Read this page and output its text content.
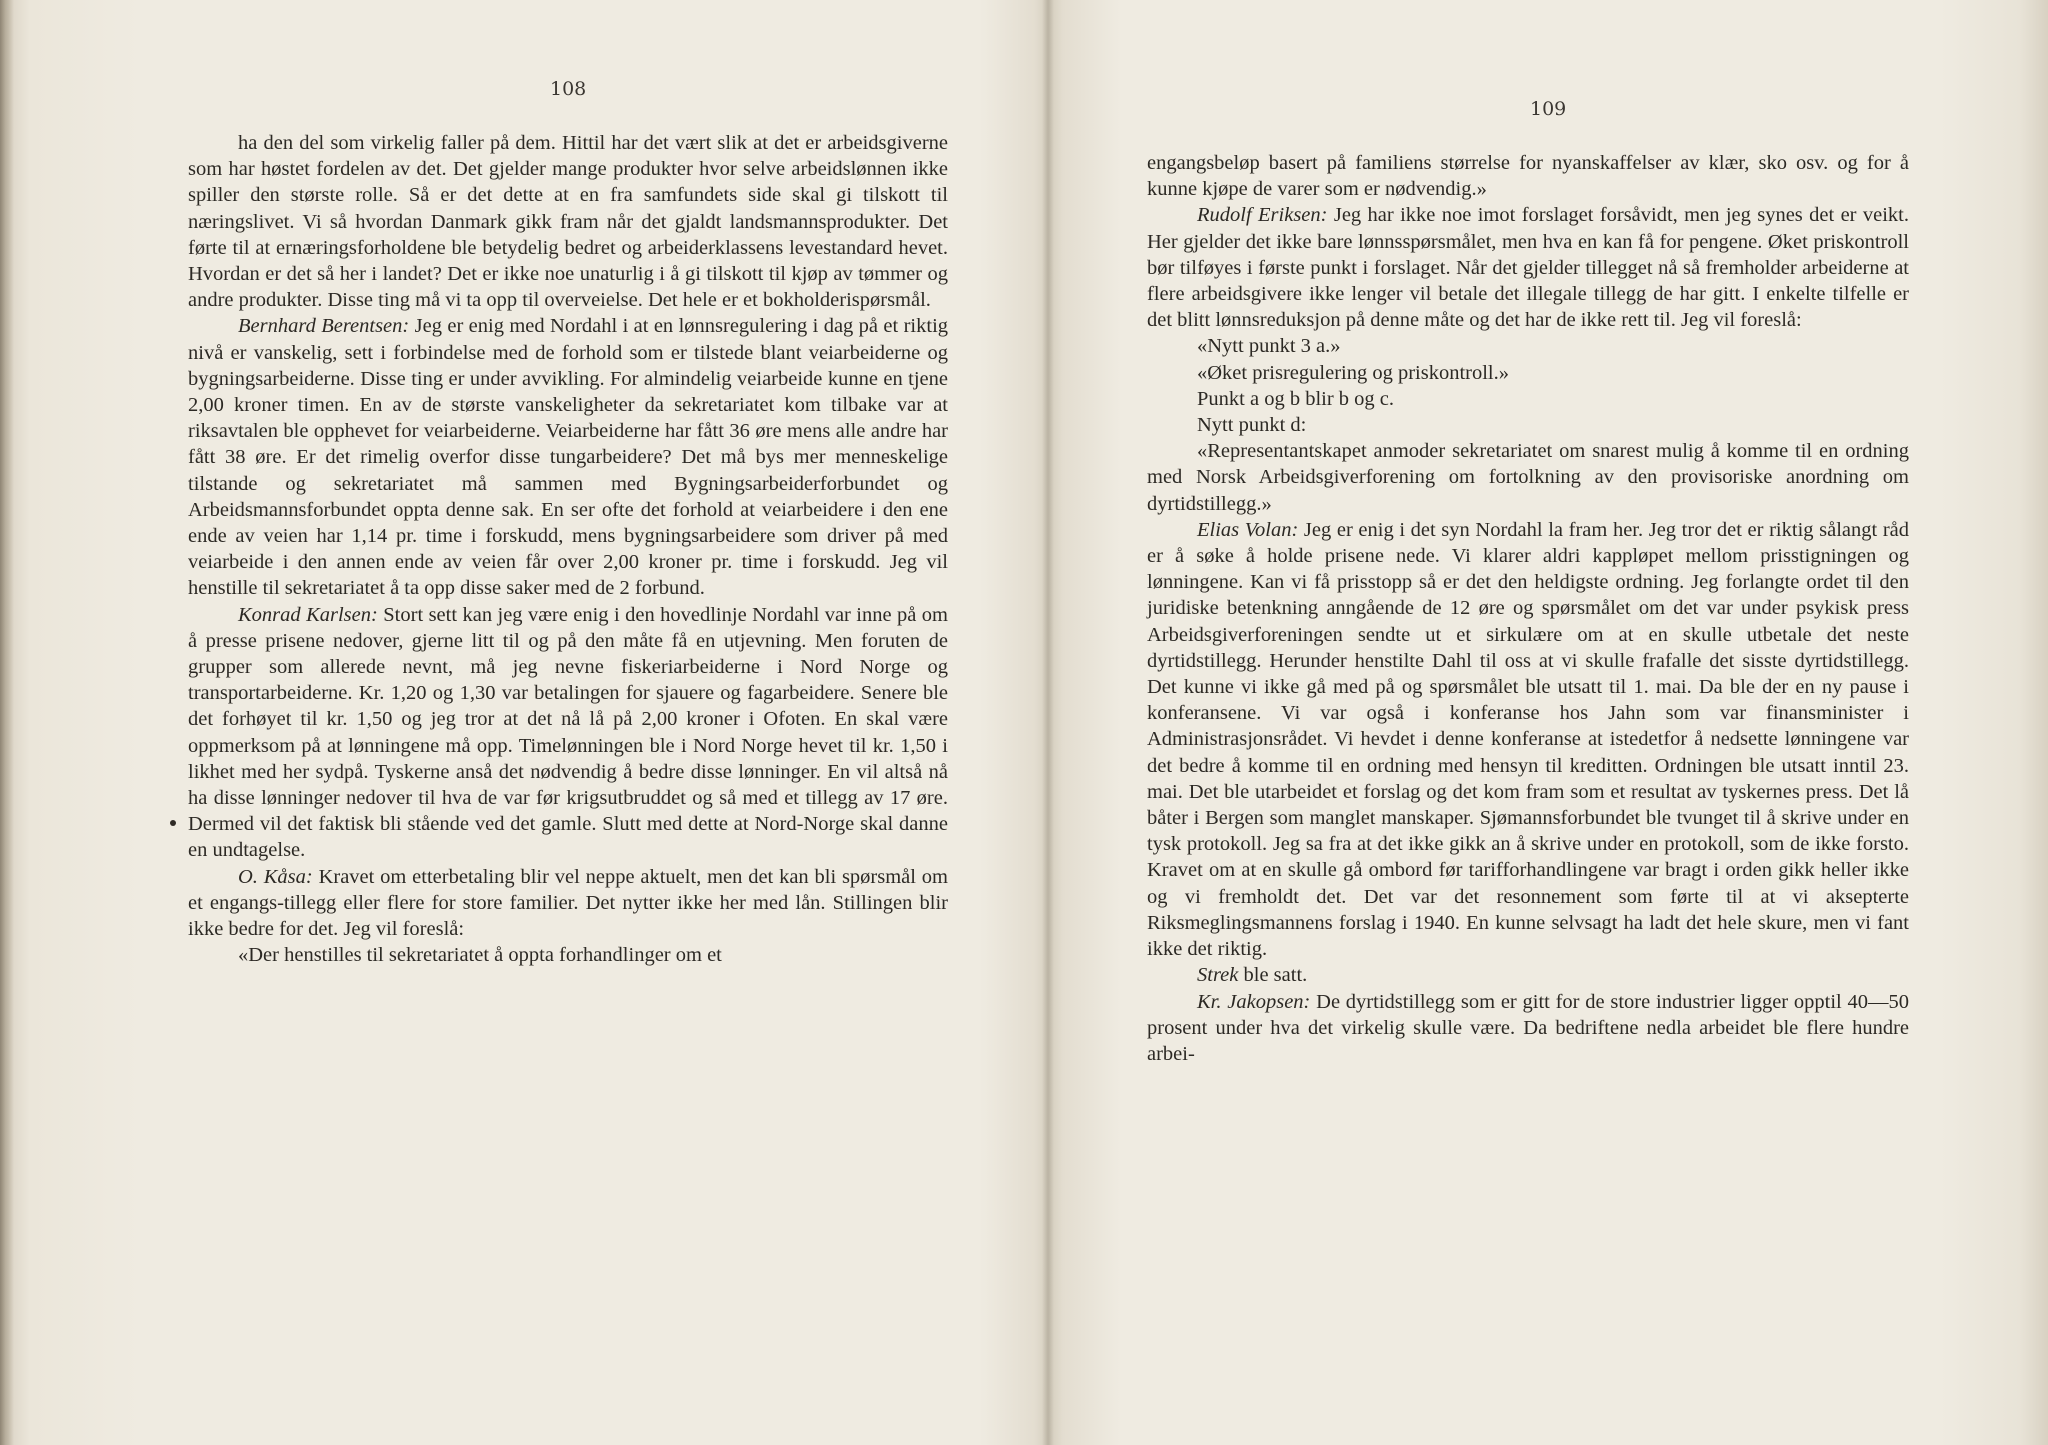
108
109

ha den del som virkelig faller på dem. Hittil har det vært slik at det er arbeidsgiverne som har høstet fordelen av det. Det gjelder mange produkter hvor selve arbeidslønnen ikke spiller den største rolle. Så er det dette at en fra samfundets side skal gi tilskott til næringslivet. Vi så hvordan Danmark gikk fram når det gjaldt landsmannsprodukter. Det førte til at ernæringsforholdene ble betydelig bedret og arbeiderklassens levestandard hevet. Hvordan er det så her i landet? Det er ikke noe unaturlig i å gi tilskott til kjøp av tømmer og andre produkter. Disse ting må vi ta opp til overveielse. Det hele er et bokholderispørsmål.

Bernhard Berentsen: Jeg er enig med Nordahl i at en lønnsregulering i dag på et riktig nivå er vanskelig, sett i forbindelse med de forhold som er tilstede blant veiarbeiderne og bygningsarbeiderne. Disse ting er under avvikling. For almindelig veiarbeide kunne en tjene 2,00 kroner timen. En av de største vanskeligheter da sekretariatet kom tilbake var at riksavtalen ble opphevet for veiarbeiderne. Veiarbeiderne har fått 36 øre mens alle andre har fått 38 øre. Er det rimelig overfor disse tungarbeidere? Det må bys mer menneskelige tilstande og sekretariatet må sammen med Bygningsarbeiderforbundet og Arbeidsmannsforbundet oppta denne sak. En ser ofte det forhold at veiarbeidere i den ene ende av veien har 1,14 pr. time i forskudd, mens bygningsarbeidere som driver på med veiarbeide i den annen ende av veien får over 2,00 kroner pr. time i forskudd. Jeg vil henstille til sekretariatet å ta opp disse saker med de 2 forbund.

Konrad Karlsen: Stort sett kan jeg være enig i den hovedlinje Nordahl var inne på om å presse prisene nedover, gjerne litt til og på den måte få en utjevning. Men foruten de grupper som allerede nevnt, må jeg nevne fiskeriarbeiderne i Nord Norge og transportarbeiderne. Kr. 1,20 og 1,30 var betalingen for sjauere og fagarbeidere. Senere ble det forhøyet til kr. 1,50 og jeg tror at det nå lå på 2,00 kroner i Ofoten. En skal være oppmerksom på at lønningene må opp. Timelønningen ble i Nord Norge hevet til kr. 1,50 i likhet med her sydpå. Tyskerne anså det nødvendig å bedre disse lønninger. En vil altså nå ha disse lønninger nedover til hva de var før krigsutbruddet og så med et tillegg av 17 øre. Dermed vil det faktisk bli stående ved det gamle. Slutt med dette at Nord-Norge skal danne en undtagelse.

O. Kåsa: Kravet om etterbetaling blir vel neppe aktuelt, men det kan bli spørsmål om et engangs-tillegg eller flere for store familier. Det nytter ikke her med lån. Stillingen blir ikke bedre for det. Jeg vil foreslå:

«Der henstilles til sekretariatet å oppta forhandlinger om et

engangsbeløp basert på familiens størrelse for nyanskaffelser av klær, sko osv. og for å kunne kjøpe de varer som er nødvendig.»

Rudolf Eriksen: Jeg har ikke noe imot forslaget forsåvidt, men jeg synes det er veikt. Her gjelder det ikke bare lønnsspørsmålet, men hva en kan få for pengene. Øket priskontroll bør tilføyes i første punkt i forslaget. Når det gjelder tillegget nå så fremholder arbeiderne at flere arbeidsgivere ikke lenger vil betale det illegale tillegg de har gitt. I enkelte tilfelle er det blitt lønnsreduksjon på denne måte og det har de ikke rett til. Jeg vil foreslå:

«Nytt punkt 3 a.»

«Øket prisregulering og priskontroll.»

Punkt a og b blir b og c.

Nytt punkt d:

«Representantskapet anmoder sekretariatet om snarest mulig å komme til en ordning med Norsk Arbeidsgiverforening om fortolkning av den provisoriske anordning om dyrtidstillegg.»

Elias Volan: Jeg er enig i det syn Nordahl la fram her. Jeg tror det er riktig sålangt råd er å søke å holde prisene nede. Vi klarer aldri kappløpet mellom prisstigningen og lønningene. Kan vi få prisstopp så er det den heldigste ordning. Jeg forlangte ordet til den juridiske betenkning anngående de 12 øre og spørsmålet om det var under psykisk press Arbeidsgiverforeningen sendte ut et sirkulære om at en skulle utbetale det neste dyrtidstillegg. Herunder henstilte Dahl til oss at vi skulle frafalle det sisste dyrtidstillegg. Det kunne vi ikke gå med på og spørsmålet ble utsatt til 1. mai. Da ble der en ny pause i konferansene. Vi var også i konferanse hos Jahn som var finansminister i Administrasjonsrådet. Vi hevdet i denne konferanse at istedetfor å nedsette lønningene var det bedre å komme til en ordning med hensyn til kreditten. Ordningen ble utsatt inntil 23. mai. Det ble utarbeidet et forslag og det kom fram som et resultat av tyskernes press. Det lå båter i Bergen som manglet manskaper. Sjømannsforbundet ble tvunget til å skrive under en tysk protokoll. Jeg sa fra at det ikke gikk an å skrive under en protokoll, som de ikke forsto. Kravet om at en skulle gå ombord før tarifforhandlingene var bragt i orden gikk heller ikke og vi fremholdt det. Det var det resonnement som førte til at vi aksepterte Riksmeglingsmannens forslag i 1940. En kunne selvsagt ha ladt det hele skure, men vi fant ikke det riktig.

Strek ble satt.

Kr. Jakopsen: De dyrtidstillegg som er gitt for de store industrier ligger opptil 40—50 prosent under hva det virkelig skulle være. Da bedriftene nedla arbeidet ble flere hundre arbei-
